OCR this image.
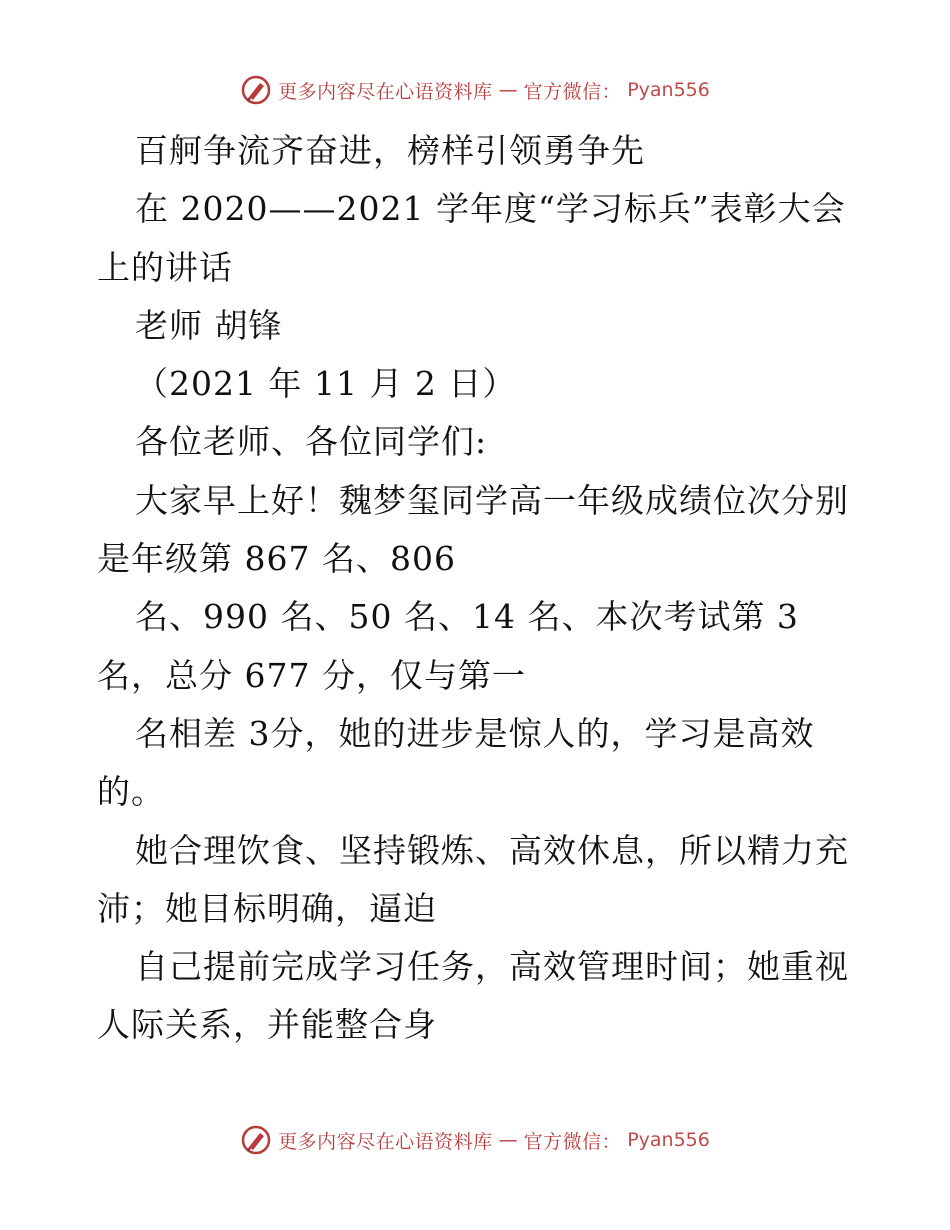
更多内容尽在心语资料库 — 官方微信： Pyan556
百舸争流齐奋进，榜样引领勇争先
在 2020——2021 学年度“学习标兵”表彰大会
上的讲话
老师 胡锋
（2021 年 11 月 2 日）
各位老师、各位同学们:
大家早上好！魏梦玺同学高一年级成绩位次分别
是年级第 867 名、806
名、990 名、50 名、14 名、本次考试第 3
名，总分 677 分，仅与第一
名相差 3分，她的进步是惊人的，学习是高效
的。
她合理饮食、坚持锻炼、高效休息，所以精力充
沛；她目标明确，逼迫
自己提前完成学习任务，高效管理时间；她重视
人际关系，并能整合身
更多内容尽在心语资料库 — 官方微信： Pyan556
